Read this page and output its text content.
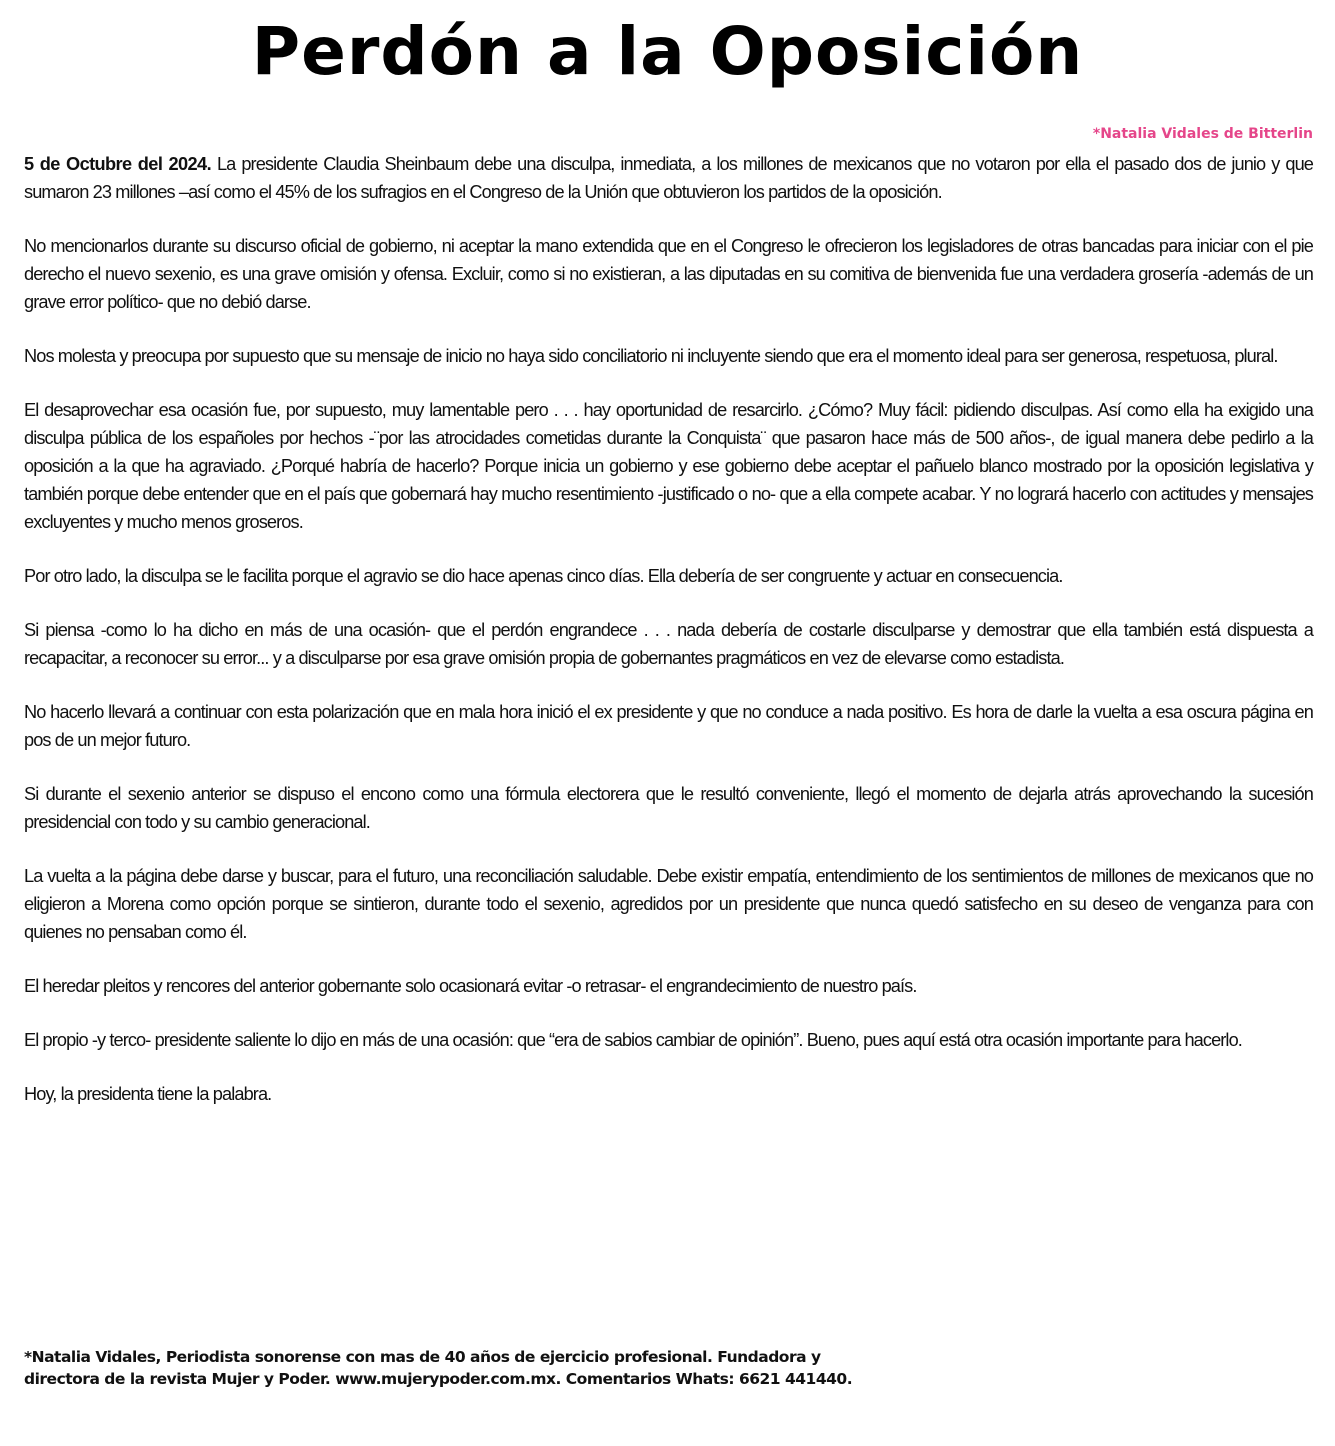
Perdón a la Oposición
*Natalia Vidales de Bitterlin

5 de Octubre del 2024. La presidente Claudia Sheinbaum debe una disculpa, inmediata, a los millones de mexicanos que no votaron por ella el pasado dos de junio y que sumaron 23 millones –así como el 45% de los sufragios en el Congreso de la Unión que obtuvieron los partidos de la oposición.

No mencionarlos durante su discurso oficial de gobierno, ni aceptar la mano extendida que en el Congreso le ofrecieron los legisladores de otras bancadas para iniciar con el pie derecho el nuevo sexenio, es una grave omisión y ofensa. Excluir, como si no existieran, a las diputadas en su comitiva de bienvenida fue una verdadera grosería -además de un grave error político- que no debió darse.

Nos molesta y preocupa por supuesto que su mensaje de inicio no haya sido conciliatorio ni incluyente siendo que era el momento ideal para ser generosa, respetuosa, plural.

El desaprovechar esa ocasión fue, por supuesto, muy lamentable pero . . . hay oportunidad de resarcirlo. ¿Cómo? Muy fácil: pidiendo disculpas. Así como ella ha exigido una disculpa pública de los españoles por hechos -¨por las atrocidades cometidas durante la Conquista¨ que pasaron hace más de 500 años-, de igual manera debe pedirlo a la oposición a la que ha agraviado. ¿Porqué habría de hacerlo? Porque inicia un gobierno y ese gobierno debe aceptar el pañuelo blanco mostrado por la oposición legislativa y también porque debe entender que en el país que gobernará hay mucho resentimiento -justificado o no- que a ella compete acabar. Y no logrará hacerlo con actitudes y mensajes excluyentes y mucho menos groseros.

Por otro lado, la disculpa se le facilita porque el agravio se dio hace apenas cinco días. Ella debería de ser congruente y actuar en consecuencia.

Si piensa -como lo ha dicho en más de una ocasión- que el perdón engrandece . . . nada debería de costarle disculparse y demostrar que ella también está dispuesta a recapacitar, a reconocer su error... y a disculparse por esa grave omisión propia de gobernantes pragmáticos en vez de elevarse como estadista.

No hacerlo llevará a continuar con esta polarización que en mala hora inició el ex presidente y que no conduce a nada positivo. Es hora de darle la vuelta a esa oscura página en pos de un mejor futuro.

Si durante el sexenio anterior se dispuso el encono como una fórmula electorera que le resultó conveniente, llegó el momento de dejarla atrás aprovechando la sucesión presidencial con todo y su cambio generacional.

La vuelta a la página debe darse y buscar, para el futuro, una reconciliación saludable. Debe existir empatía, entendimiento de los sentimientos de millones de mexicanos que no eligieron a Morena como opción porque se sintieron, durante todo el sexenio, agredidos por un presidente que nunca quedó satisfecho en su deseo de venganza para con quienes no pensaban como él.

El heredar pleitos y rencores del anterior gobernante solo ocasionará evitar -o retrasar- el engrandecimiento de nuestro país.

El propio -y terco- presidente saliente lo dijo en más de una ocasión: que “era de sabios cambiar de opinión”. Bueno, pues aquí está otra ocasión importante para hacerlo.

Hoy, la presidenta tiene la palabra.

*Natalia Vidales, Periodista sonorense con mas de 40 años de ejercicio profesional. Fundadora y
directora de la revista Mujer y Poder. www.mujerypoder.com.mx. Comentarios Whats: 6621 441440.
